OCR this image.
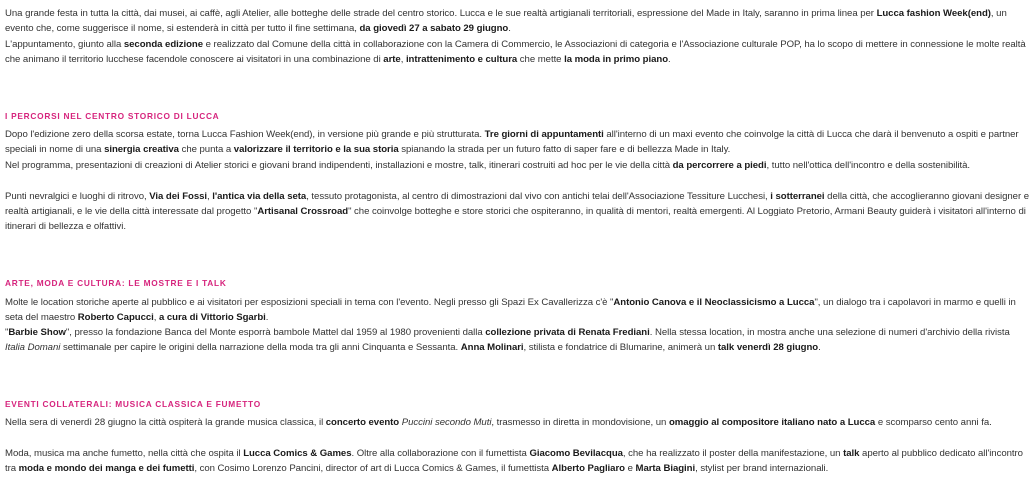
Una grande festa in tutta la città, dai musei, ai caffè, agli Atelier, alle botteghe delle strade del centro storico. Lucca e le sue realtà artigianali territoriali, espressione del Made in Italy, saranno in prima linea per Lucca fashion Week(end), un evento che, come suggerisce il nome, si estenderà in città per tutto il fine settimana, da giovedì 27 a sabato 29 giugno.

L'appuntamento, giunto alla seconda edizione e realizzato dal Comune della città in collaborazione con la Camera di Commercio, le Associazioni di categoria e l'Associazione culturale POP, ha lo scopo di mettere in connessione le molte realtà che animano il territorio lucchese facendole conoscere ai visitatori in una combinazione di arte, intrattenimento e cultura che mette la moda in primo piano.

I PERCORSI NEL CENTRO STORICO DI LUCCA

Dopo l'edizione zero della scorsa estate, torna Lucca Fashion Week(end), in versione più grande e più strutturata. Tre giorni di appuntamenti all'interno di un maxi evento che coinvolge la città di Lucca che darà il benvenuto a ospiti e partner speciali in nome di una sinergia creativa che punta a valorizzare il territorio e la sua storia spianando la strada per un futuro fatto di saper fare e di bellezza Made in Italy.

Nel programma, presentazioni di creazioni di Atelier storici e giovani brand indipendenti, installazioni e mostre, talk, itinerari costruiti ad hoc per le vie della città da percorrere a piedi, tutto nell'ottica dell'incontro e della sostenibilità.

Punti nevralgici e luoghi di ritrovo, Via dei Fossi, l'antica via della seta, tessuto protagonista, al centro di dimostrazioni dal vivo con antichi telai dell'Associazione Tessiture Lucchesi, i sotterranei della città, che accoglieranno giovani designer e realtà artigianali, e le vie della città interessate dal progetto "Artisanal Crossroad" che coinvolge botteghe e store storici che ospiteranno, in qualità di mentori, realtà emergenti. Al Loggiato Pretorio, Armani Beauty guiderà i visitatori all'interno di itinerari di bellezza e olfattivi.

ARTE, MODA E CULTURA: LE MOSTRE E I TALK

Molte le location storiche aperte al pubblico e ai visitatori per esposizioni speciali in tema con l'evento. Negli presso gli Spazi Ex Cavallerizza c'è "Antonio Canova e il Neoclassicismo a Lucca", un dialogo tra i capolavori in marmo e quelli in seta del maestro Roberto Capucci, a cura di Vittorio Sgarbi.

"Barbie Show", presso la fondazione Banca del Monte esporrà bambole Mattel dal 1959 al 1980 provenienti dalla collezione privata di Renata Frediani. Nella stessa location, in mostra anche una selezione di numeri d'archivio della rivista Italia Domani settimanale per capire le origini della narrazione della moda tra gli anni Cinquanta e Sessanta. Anna Molinari, stilista e fondatrice di Blumarine, animerà un talk venerdì 28 giugno.

EVENTI COLLATERALI: MUSICA CLASSICA E FUMETTO

Nella sera di venerdì 28 giugno la città ospiterà la grande musica classica, il concerto evento Puccini secondo Muti, trasmesso in diretta in mondovisione, un omaggio al compositore italiano nato a Lucca e scomparso cento anni fa.

Moda, musica ma anche fumetto, nella città che ospita il Lucca Comics & Games. Oltre alla collaborazione con il fumettista Giacomo Bevilacqua, che ha realizzato il poster della manifestazione, un talk aperto al pubblico dedicato all'incontro tra moda e mondo dei manga e dei fumetti, con Cosimo Lorenzo Pancini, director of art di Lucca Comics & Games, il fumettista Alberto Pagliaro e Marta Biagini, stylist per brand internazionali.
